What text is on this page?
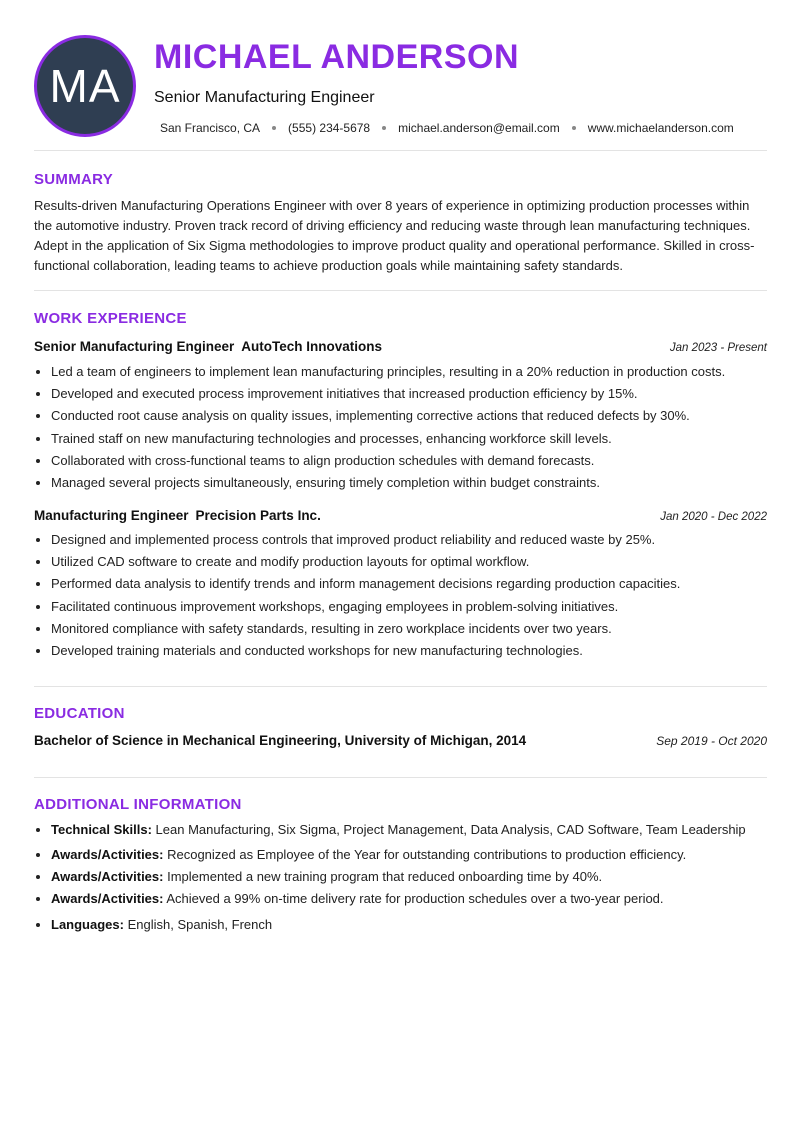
MA
MICHAEL ANDERSON
Senior Manufacturing Engineer
San Francisco, CA (555) 234-5678 michael.anderson@email.com www.michaelanderson.com
SUMMARY

Results-driven Manufacturing Operations Engineer with over 8 years of experience in optimizing production processes within the automotive industry. Proven track record of driving efficiency and reducing waste through lean manufacturing techniques. Adept in the application of Six Sigma methodologies to improve product quality and operational performance. Skilled in cross-functional collaboration, leading teams to achieve production goals while maintaining safety standards.

WORK EXPERIENCE
Senior Manufacturing Engineer AutoTech Innovations	Jan 2023 - Present
• Led a team of engineers to implement lean manufacturing principles, resulting in a 20% reduction in production costs.
• Developed and executed process improvement initiatives that increased production efficiency by 15%.
• Conducted root cause analysis on quality issues, implementing corrective actions that reduced defects by 30%.
• Trained staff on new manufacturing technologies and processes, enhancing workforce skill levels.
• Collaborated with cross-functional teams to align production schedules with demand forecasts.
• Managed several projects simultaneously, ensuring timely completion within budget constraints.
Manufacturing Engineer Precision Parts Inc.	Jan 2020 - Dec 2022
• Designed and implemented process controls that improved product reliability and reduced waste by 25%.
• Utilized CAD software to create and modify production layouts for optimal workflow.
• Performed data analysis to identify trends and inform management decisions regarding production capacities.
• Facilitated continuous improvement workshops, engaging employees in problem-solving initiatives.
• Monitored compliance with safety standards, resulting in zero workplace incidents over two years.
• Developed training materials and conducted workshops for new manufacturing technologies.
EDUCATION
Bachelor of Science in Mechanical Engineering, University of Michigan, 2014	Sep 2019 - Oct 2020
ADDITIONAL INFORMATION
• Technical Skills: Lean Manufacturing, Six Sigma, Project Management, Data Analysis, CAD Software, Team Leadership
• Awards/Activities: Recognized as Employee of the Year for outstanding contributions to production efficiency.
• Awards/Activities: Implemented a new training program that reduced onboarding time by 40%.
• Awards/Activities: Achieved a 99% on-time delivery rate for production schedules over a two-year period.
• Languages: English, Spanish, French
